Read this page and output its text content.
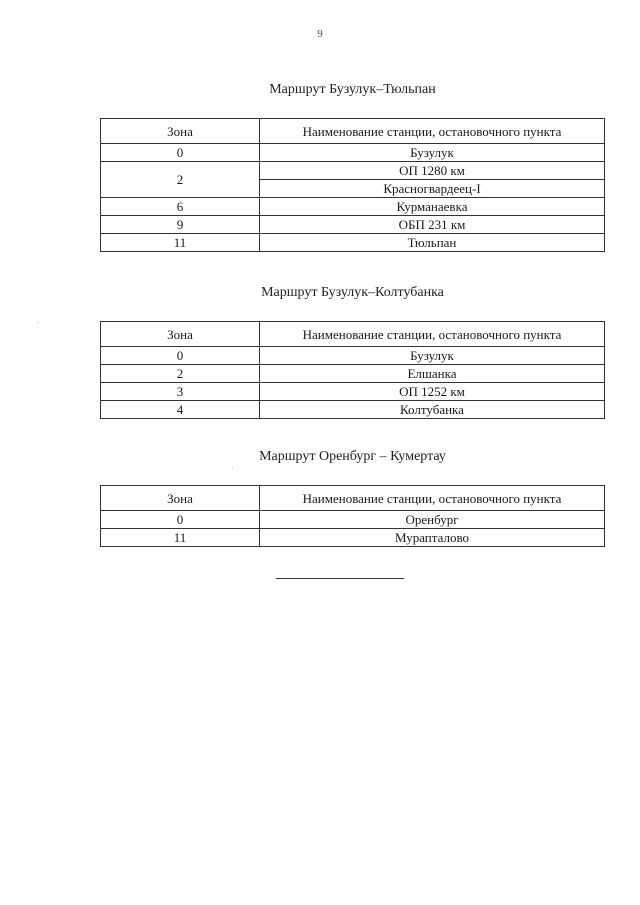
9
Маршрут Бузулук–Тюльпан
Зона	Наименование станции, остановочного пункта
0	Бузулук
2	ОП 1280 км
	Красногвардеец-I
6	Курманаевка
9	ОБП 231 км
11	Тюльпан
Маршрут Бузулук–Колтубанка
Зона	Наименование станции, остановочного пункта
0	Бузулук
2	Елшанка
3	ОП 1252 км
4	Колтубанка
Маршрут Оренбург – Кумертау
Зона	Наименование станции, остановочного пункта
0	Оренбург
11	Мурапталово
